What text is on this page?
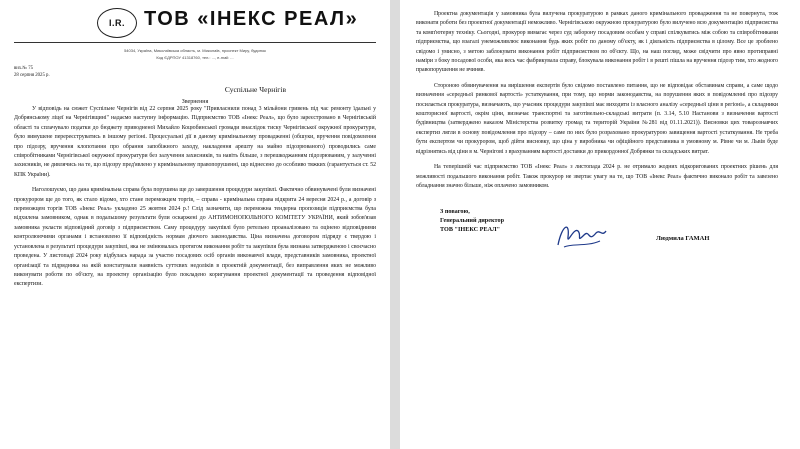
I.R. ТОВ «ІНЕКС РЕАЛ»
54034, Україна, Миколаївська область, м. Миколаїв, проспект Миру, будинок
Код ЄДРПОУ 41318760, тел.: ..., e-mail: ...
вих.№ 75
28 серпня 2025 р.
Суспільне Чернігів
Звернення

У відповідь на сюжет Суспільне Чернігів від 22 серпня 2025 року "Привласнили понад 3 мільйони гривень під час ремонту їдальні у Добрянському ліцеї на Чернігівщині" надаємо наступну інформацію. Підприємство ТОВ «Інекс Реал», що було зареєстровано в Чернігівській області та сплачувало податки до бюджету приводненої Михайло Коцюбинської громади внаслідок тиску Чернігівської окружної прокуратури, було вимушене перереєструватись в іншому регіоні. Процесуальні дії в даному кримінальному провадженні (обшуки, вручення повідомлення про підозру, вручення клопотання про обрання запобіжного заходу, накладення арешту на майно підозрюваного) проводились саме співробітниками Чернігівської окружної прокуратури без залучення захисників, та навіть більше, з перешкоджанням підозрюваним, у залученні захисників, не дивлячись на те, що підозру пред'явлено у кримінальному правопорушенні, що віднесено до особливо тяжких (гарантується ст. 52 КПК України).

Наголошуємо, що дана кримінальна справа була порушена ще до завершення процедури закупівлі. Фактично обвинувачені були визначені прокурором ще до того, як стало відомо, хто стане переможцем торгів, – справа - кримінальна справа відкрита 24 вересня 2024 р., а договір з переможцем торгів ТОВ «Інекс Реал» укладено 25 жовтня 2024 р.! Слід зазначити, що переможна тендерна пропозиція підприємства була відхилена замовником, однак в подальшому результати були оскаржені до АНТИМОНОПОЛЬНОГО КОМІТЕТУ УКРАЇНИ, який зобов'язав замовника укласти відповідний договір з підприємством. Саму процедуру закупівлі було ретельно проаналізовано та оцінено відповідними контролюючими органами і встановлено її відповідність нормам діючого законодавства. Ціна визначена договором підряду є твердою і установлена в результаті процедури закупівлі, яка не змінювалась протягом виконання робіт та закупівля була визнана затвердженою і своєчасно проведена. У листопаді 2024 року відбулась нарада за участю посадових осіб органів виконавчої влади, представників замовника, проектної організації та підрядника на якій констатували наявність суттєвих недоліків в проектній документації, без виправлення яких не можливо виконувати роботи по об'єкту, на проектну організацію було покладено коригування проектної документації та проведення відповідної експертизи.

Проектна документація у замовника була вилучена прокуратурою в рамках даного кримінального провадження та не повернута, тож виконати роботи без проектної документації неможливо. Чернігівською окружною прокуратурою було вилучено всю документацію підприємства та комп'ютерну техніку. Сьогодні, прокурор вимагає через суд заборону посадовим особам у справі спілкуватись між собою та співробітниками підприємства, що взагалі унеможливлює виконання будь яких робіт по даному об'єкту, як і діяльність підприємства в цілому. Все це зроблено свідомо і умисно, з метою заблокувати виконання робіт підприємством по об'єкту. Що, на наш погляд, може свідчити про явно протиправні наміри з боку посадової особи, яка весь час фабрикувала справу, блокувала виконання робіт і в решті пішла на вручення підозр тим, хто жодного правопорушення не вчиняв.

Стороною обвинувачення на вирішення експертів було свідомо поставлено питання, що не відповідає обставинам справи, а саме щодо визначення «середньої ринкової вартості» устаткування, при тому, що норми законодавства, на порушення яких в повідомленні про підозру посилається прокуратура, визначають, що учасник процедури закупівлі має виходити із власного аналізу «середньої ціни в регіоні», а складники кошторисної вартості, окрім ціни, визначає транспортні та заготівельно-складські витрати (п. 3.14, 5.10 Настанови з визначення вартості будівництва (затверджено наказом Міністерства розвитку громад та територій України №281 від 01.11.2021)). Висновки цих товарознавчих експертиз лягли в основу повідомлення про підозру – саме по них було розраховано прокуратурою завищення вартості устаткування. Не треба бути експертом чи прокурором, щоб дійти висновку, що ціна у виробника чи офіційного представника в умовному м. Рівне чи м. Львів буде відрізнятись від ціни в м. Чернігові з врахуванням вартості доставки до прикордонної Добрянки та складських витрат.

На теперішній час підприємство ТОВ «Інекс Реал» з листопада 2024 р. не отримало жодних відкоригованих проектних рішень для можливості подальшого виконання робіт. Також прокурор не звертає увагу на те, що ТОВ «Інекс Реал» фактично виконало робіт та завезено обладнання значно більше, ніж оплачено замовником.

З повагою,
Генеральний директор
ТОВ "ІНЕКС РЕАЛ"
Людмила ГАМАН
